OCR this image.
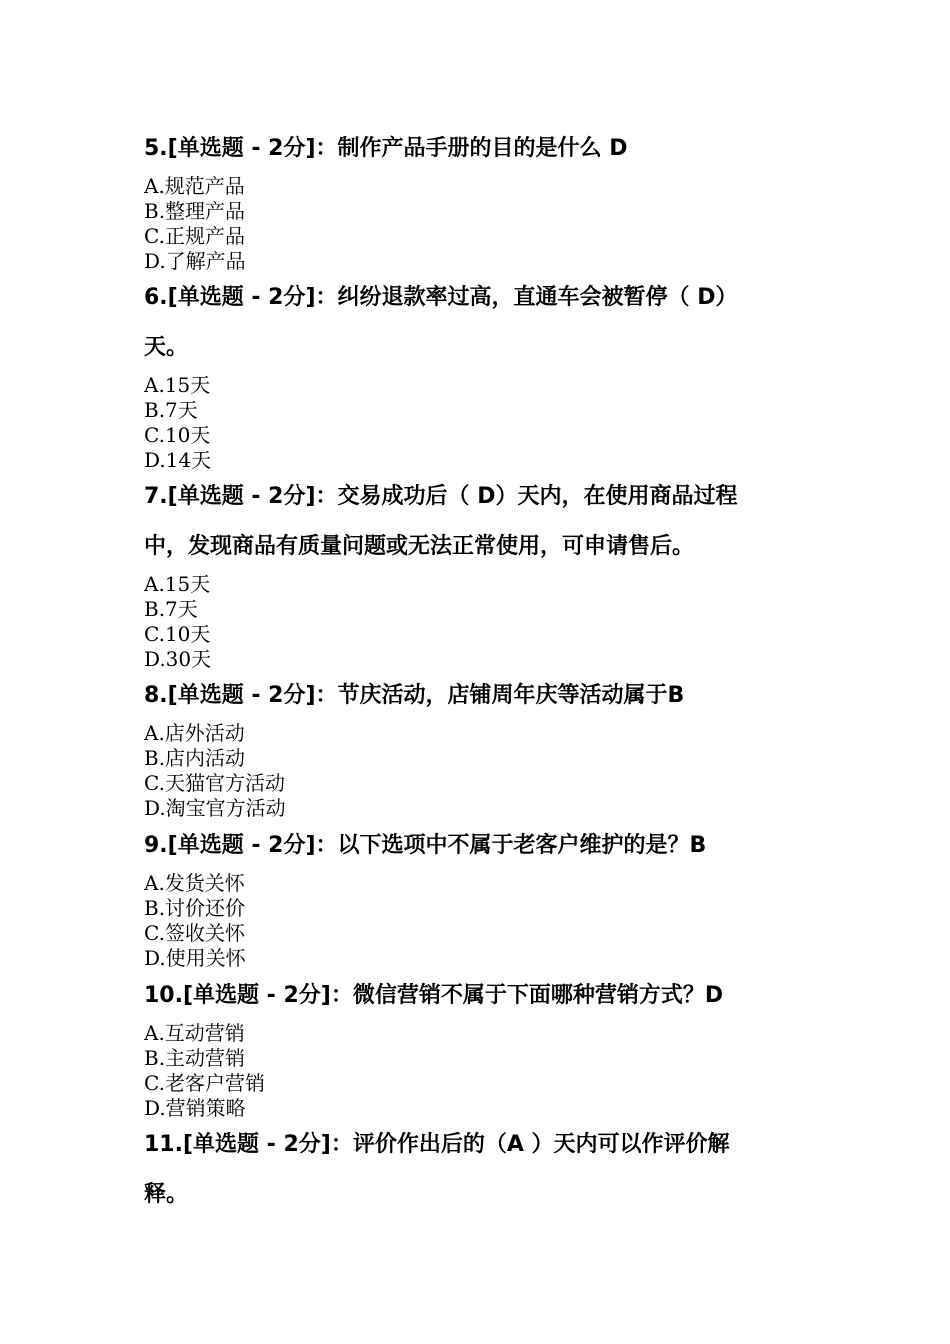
5.[单选题 - 2分]：制作产品手册的目的是什么 D
A.规范产品
B.整理产品
C.正规产品
D.了解产品
6.[单选题 - 2分]：纠纷退款率过高，直通车会被暂停（ D）
天。
A.15天
B.7天
C.10天
D.14天
7.[单选题 - 2分]：交易成功后（ D）天内，在使用商品过程
中，发现商品有质量问题或无法正常使用，可申请售后。
A.15天
B.7天
C.10天
D.30天
8.[单选题 - 2分]：节庆活动，店铺周年庆等活动属于B
A.店外活动
B.店内活动
C.天猫官方活动
D.淘宝官方活动
9.[单选题 - 2分]：以下选项中不属于老客户维护的是？B
A.发货关怀
B.讨价还价
C.签收关怀
D.使用关怀
10.[单选题 - 2分]：微信营销不属于下面哪种营销方式？D
A.互动营销
B.主动营销
C.老客户营销
D.营销策略
11.[单选题 - 2分]：评价作出后的（A ）天内可以作评价解
释。
